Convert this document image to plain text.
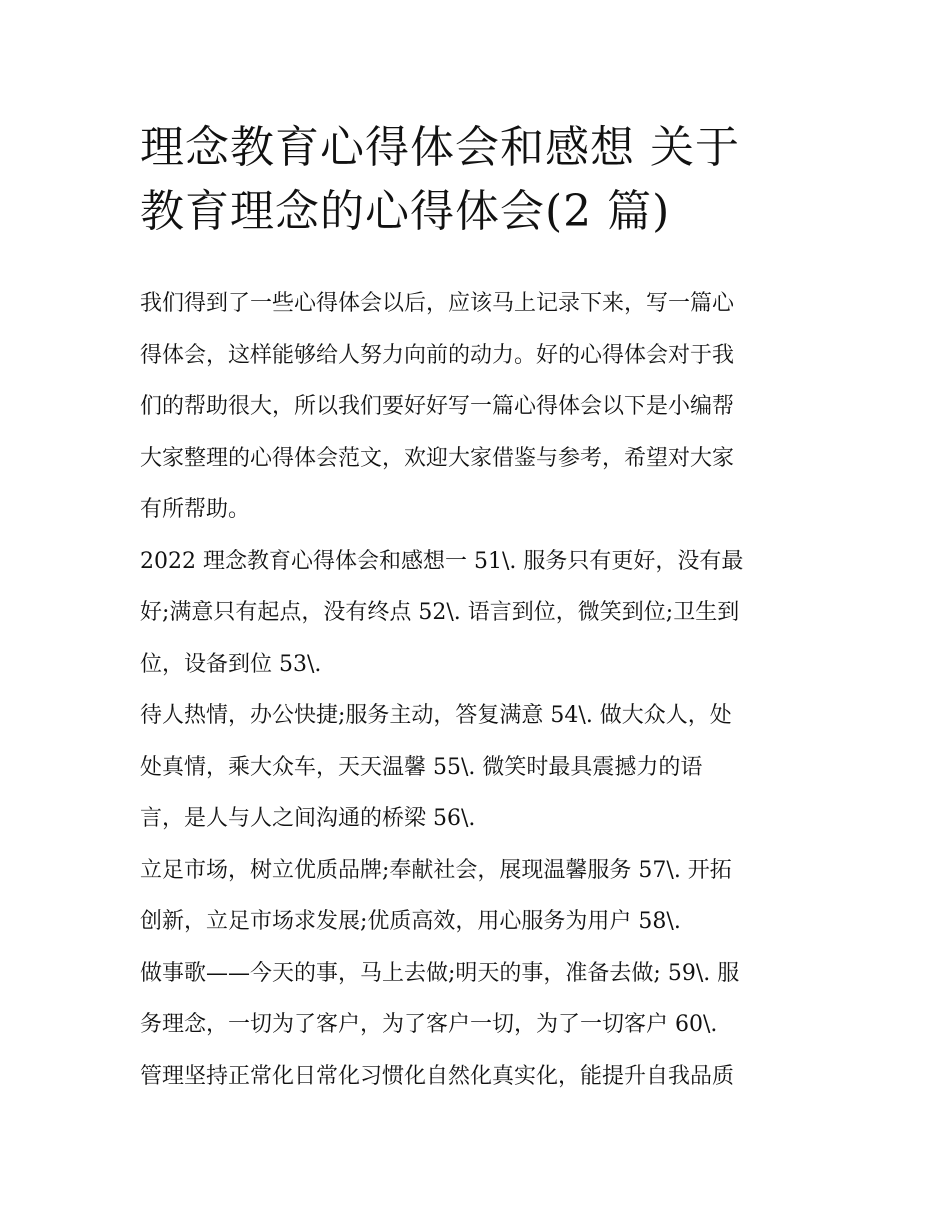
理念教育心得体会和感想 关于
教育理念的心得体会(2 篇)
我们得到了一些心得体会以后，应该马上记录下来，写一篇心
得体会，这样能够给人努力向前的动力。好的心得体会对于我
们的帮助很大，所以我们要好好写一篇心得体会以下是小编帮
大家整理的心得体会范文，欢迎大家借鉴与参考，希望对大家
有所帮助。
2022 理念教育心得体会和感想一 51\. 服务只有更好，没有最
好;满意只有起点，没有终点 52\. 语言到位，微笑到位;卫生到
位，设备到位 53\.
待人热情，办公快捷;服务主动，答复满意 54\. 做大众人，处
处真情，乘大众车，天天温馨 55\. 微笑时最具震撼力的语
言，是人与人之间沟通的桥梁 56\.
立足市场，树立优质品牌;奉献社会，展现温馨服务 57\. 开拓
创新，立足市场求发展;优质高效，用心服务为用户 58\.
做事歌——今天的事，马上去做;明天的事，准备去做; 59\. 服
务理念，一切为了客户，为了客户一切，为了一切客户 60\.
管理坚持正常化日常化习惯化自然化真实化，能提升自我品质
